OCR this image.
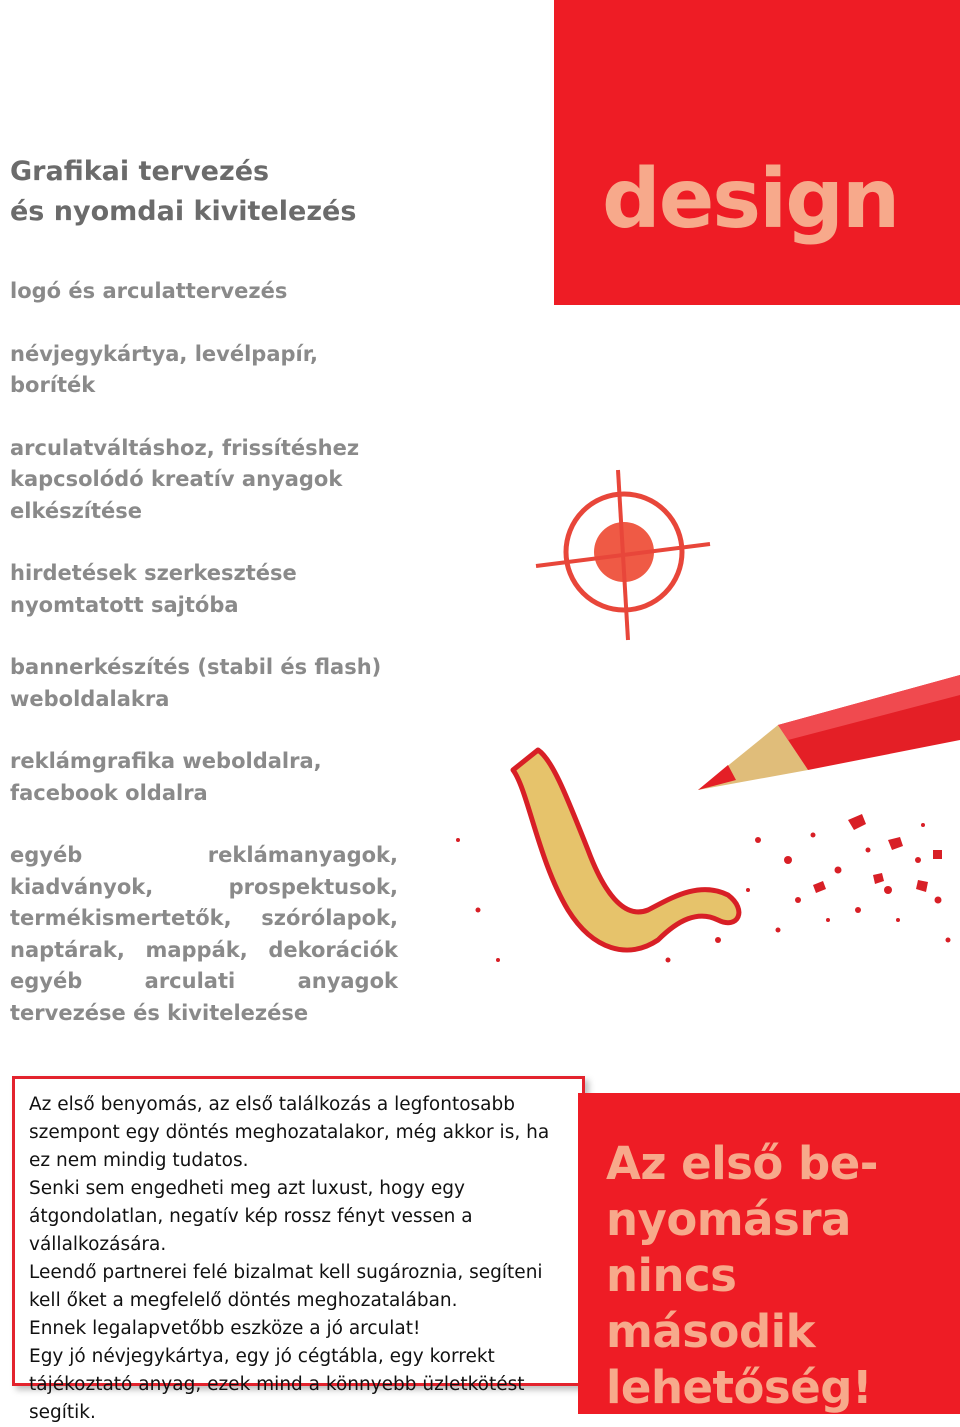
Grafikai tervezés
és nyomdai kivitelezés
logó és arculattervezés
névjegykártya, levélpapír, boríték
arculatváltáshoz, frissítéshez kapcsolódó kreatív anyagok elkészítése
hirdetések szerkesztése nyomtatott sajtóba
bannerkészítés (stabil és flash) weboldalakra
reklámgrafika weboldalra, facebook oldalra
egyéb reklámanyagok, kiadványok, prospektusok, termékismertetők, szórólapok, naptárak, mappák, dekorációk egyéb arculati anyagok tervezése és kivitelezése
design

Az első benyomás, az első találkozás a legfontosabb szempont egy döntés meghozatalakor, még akkor is, ha ez nem mindig tudatos.
Senki sem engedheti meg azt luxust, hogy egy átgondolatlan, negatív kép rossz fényt vessen a vállalkozására.
Leendő partnerei felé bizalmat kell sugároznia, segíteni kell őket a megfelelő döntés meghozatalában.
Ennek legalapvetőbb eszköze a jó arculat!
Egy jó névjegykártya, egy jó cégtábla, egy korrekt tájékoztató anyag, ezek mind a könnyebb üzletkötést segítik.

Az első be-
nyomásra
nincs második
lehetőség!
